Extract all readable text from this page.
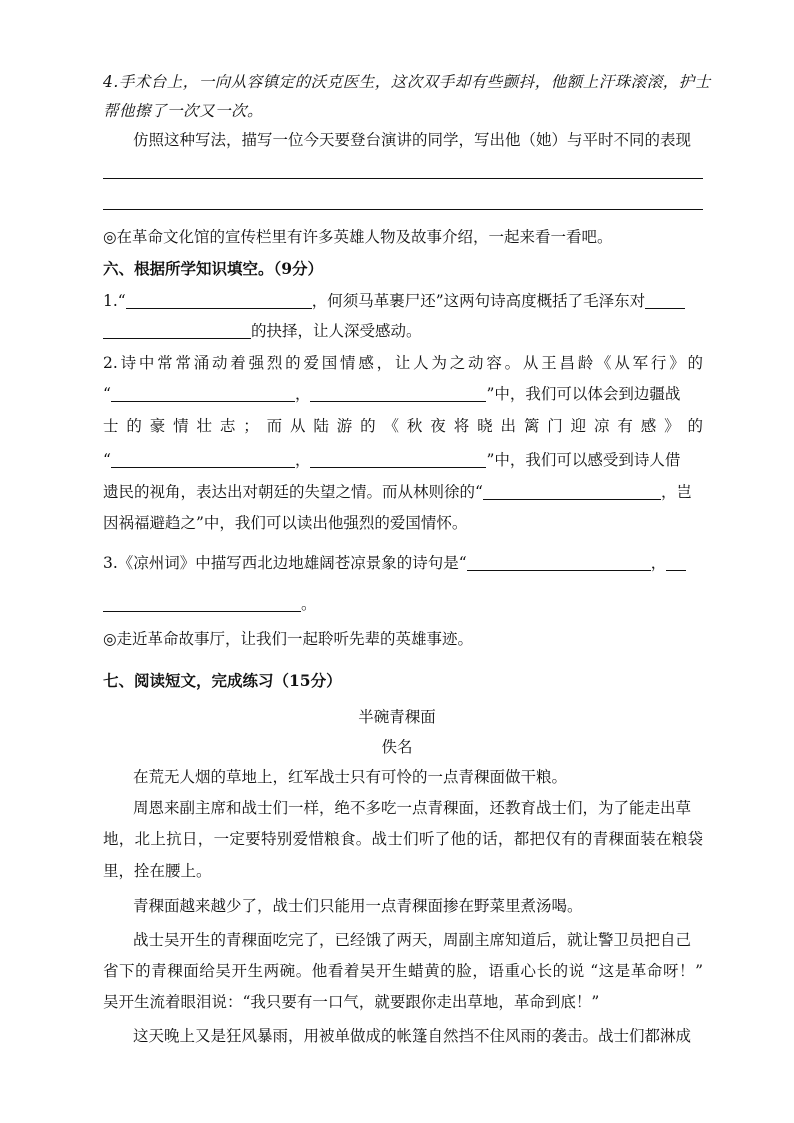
4.手术台上，一向从容镇定的沃克医生，这次双手却有些颤抖，他额上汗珠滚滚，护士
帮他擦了一次又一次。
仿照这种写法，描写一位今天要登台演讲的同学，写出他（她）与平时不同的表现
◎在革命文化馆的宣传栏里有许多英雄人物及故事介绍，一起来看一看吧。
六、根据所学知识填空。（9分）
1.“	，何须马革裹尸还”这两句诗高度概括了毛泽东对
的抉择，让人深受感动。
2.诗中常常涌动着强烈的爱国情感，让人为之动容。从王昌龄《从军行》的
“	，	”中，我们可以体会到边疆战
士的豪情壮志；而从陆游的《秋夜将晓出篱门迎凉有感》的
“	，	”中，我们可以感受到诗人借
遗民的视角，表达出对朝廷的失望之情。而从林则徐的“	，岂
因祸福避趋之”中，我们可以读出他强烈的爱国情怀。
3.《凉州词》中描写西北边地雄阔苍凉景象的诗句是“	，
。
◎走近革命故事厅，让我们一起聆听先辈的英雄事迹。
七、阅读短文，完成练习（15分）
半碗青稞面
佚名
在荒无人烟的草地上，红军战士只有可怜的一点青稞面做干粮。
周恩来副主席和战士们一样，绝不多吃一点青稞面，还教育战士们，为了能走出草
地，北上抗日，一定要特别爱惜粮食。战士们听了他的话，都把仅有的青稞面装在粮袋
里，拴在腰上。
青稞面越来越少了，战士们只能用一点青稞面掺在野菜里煮汤喝。
战士吴开生的青稞面吃完了，已经饿了两天，周副主席知道后，就让警卫员把自己
省下的青稞面给吴开生两碗。他看着吴开生蜡黄的脸，语重心长的说 “这是革命呀！”
吴开生流着眼泪说：“我只要有一口气，就要跟你走出草地，革命到底！”
这天晚上又是狂风暴雨，用被单做成的帐篷自然挡不住风雨的袭击。战士们都淋成
